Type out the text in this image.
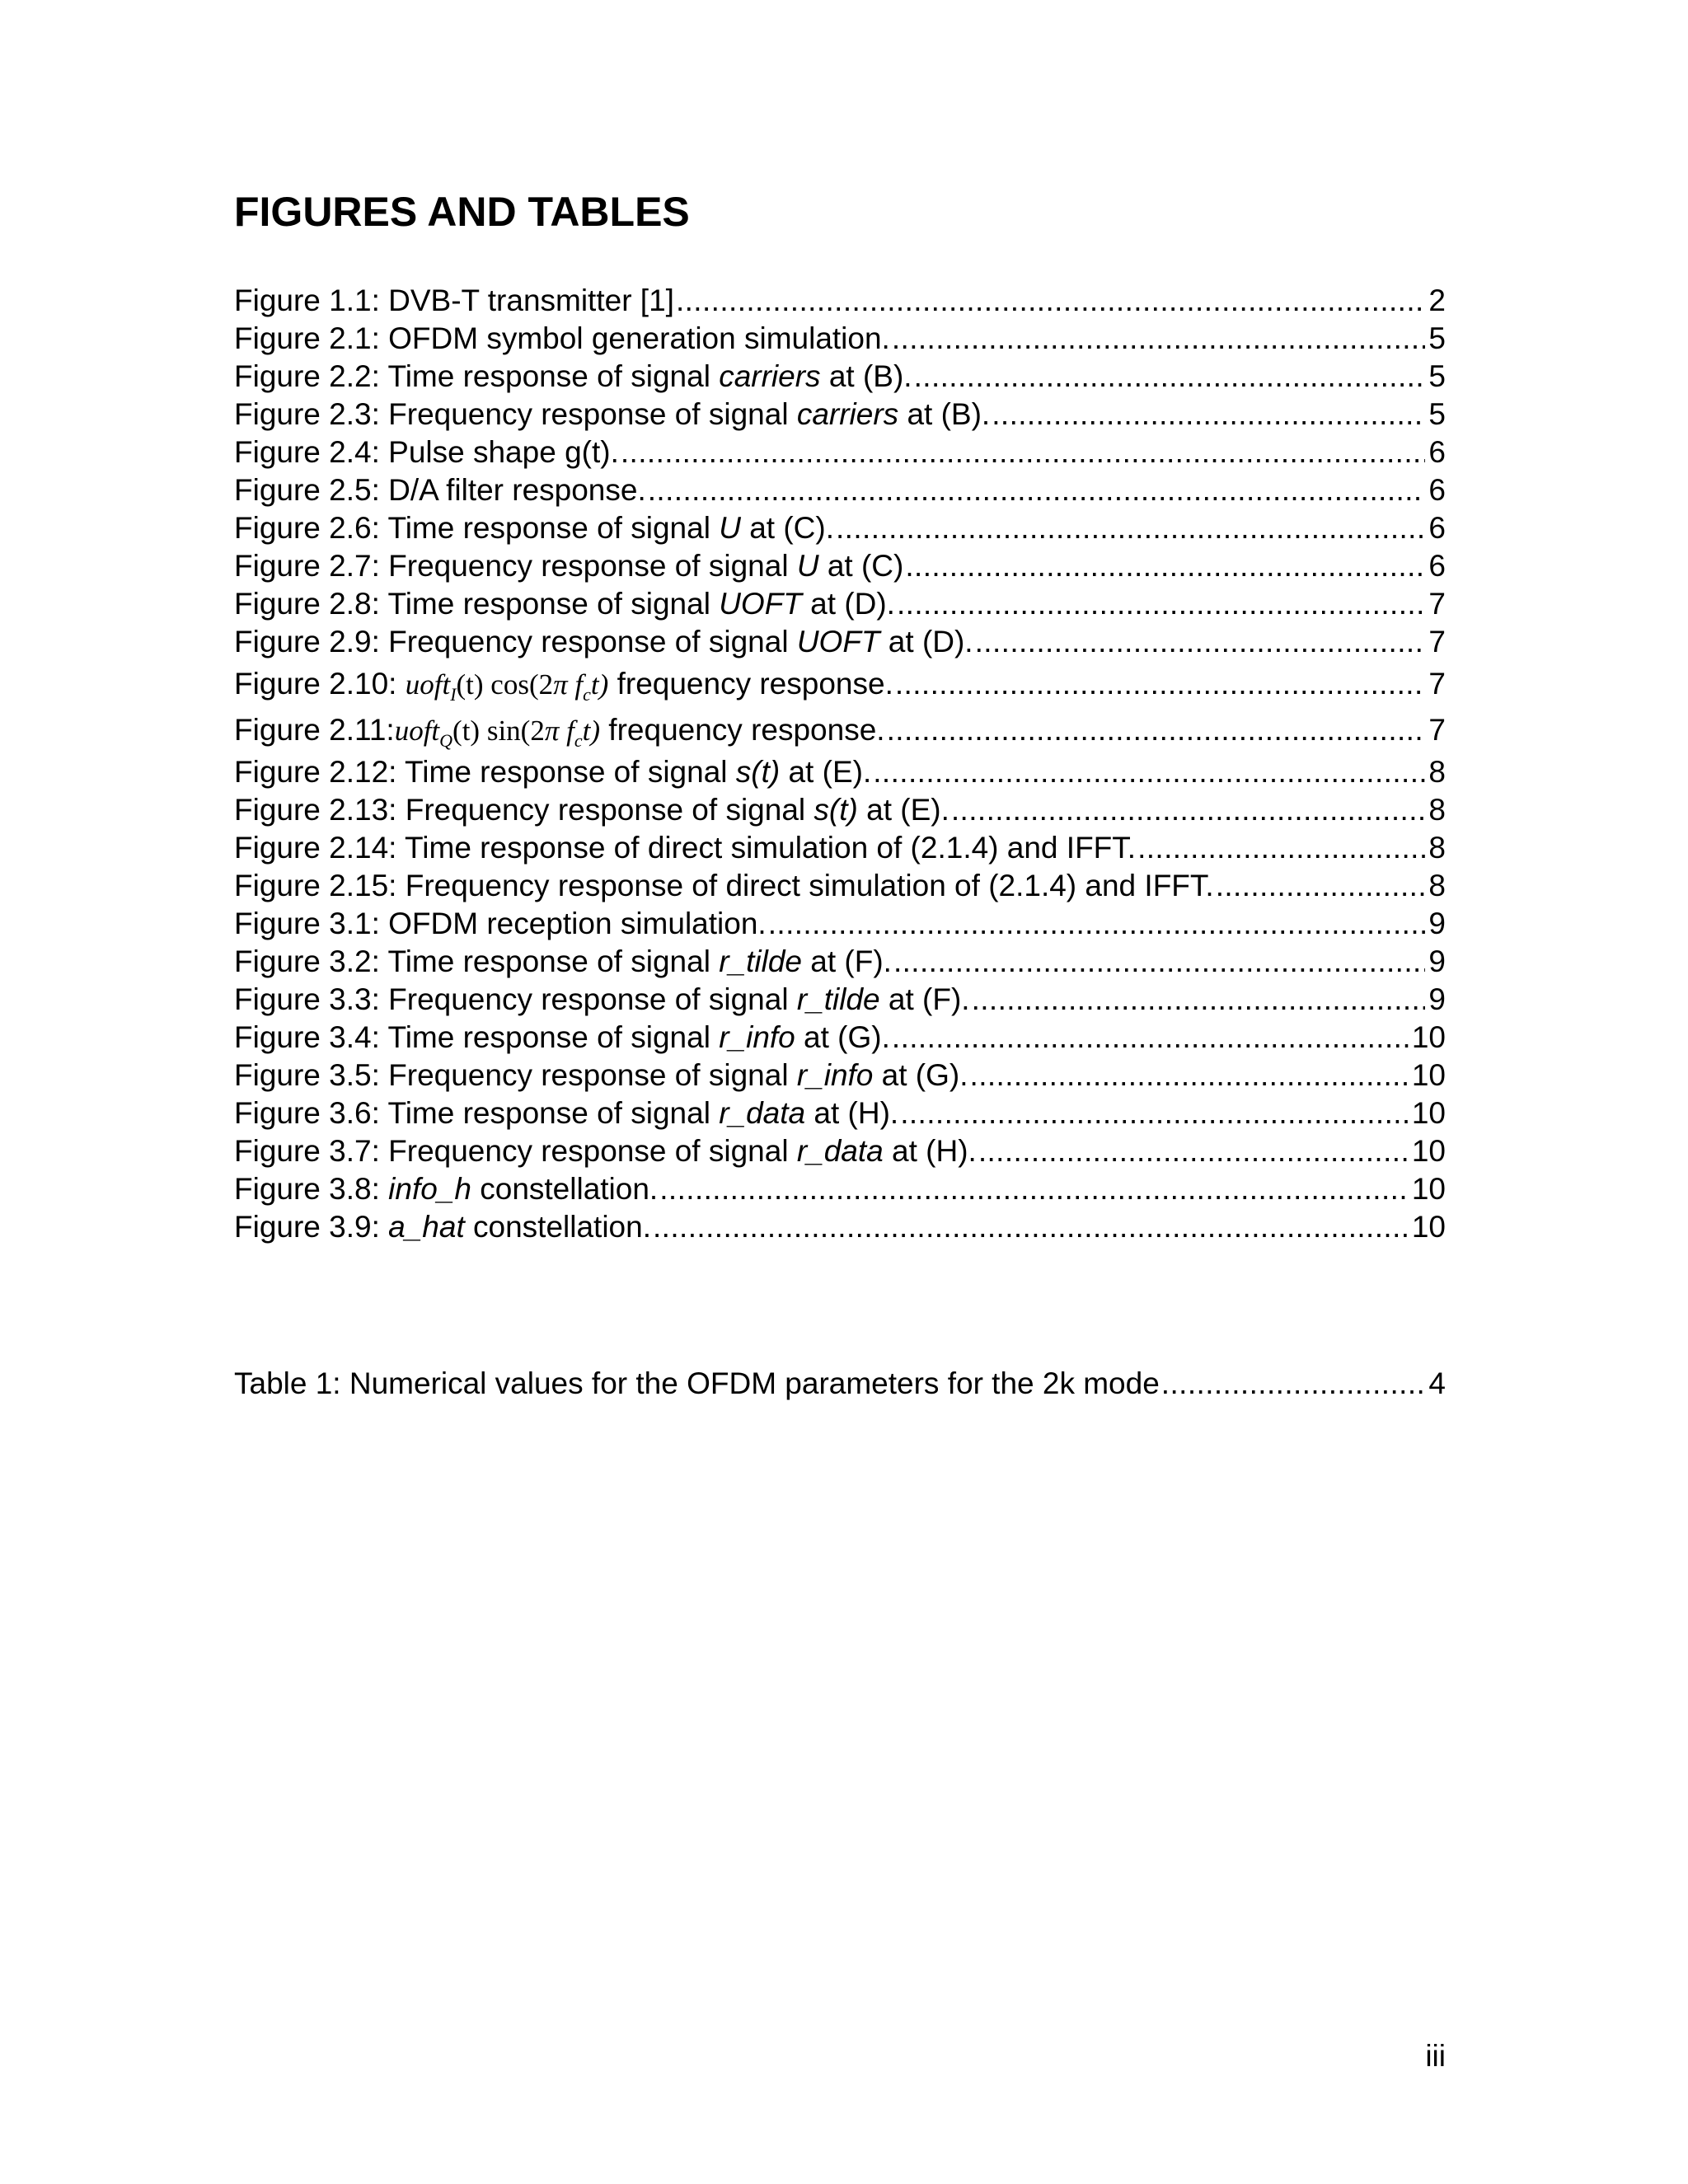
FIGURES AND TABLES
Figure 1.1: DVB-T transmitter [1] .....	2
Figure 2.1: OFDM symbol generation simulation. .....	5
Figure 2.2: Time response of signal carriers at (B). .....	5
Figure 2.3: Frequency response of signal carriers at (B). .....	5
Figure 2.4: Pulse shape g(t). .....	6
Figure 2.5: D/A filter response. .....	6
Figure 2.6: Time response of signal U at (C). .....	6
Figure 2.7: Frequency response of signal U at (C) .....	6
Figure 2.8: Time response of signal UOFT at (D). .....	7
Figure 2.9: Frequency response of signal UOFT at (D). .....	7
Figure 2.10: uoft$_I$(t) cos(2π $f_ct$) frequency response. .....	7
Figure 2.11:uoft$_Q$(t) sin(2π $f_ct$) frequency response. .....	7
Figure 2.12: Time response of signal s(t) at (E). .....	8
Figure 2.13: Frequency response of signal s(t) at (E). .....	8
Figure 2.14: Time response of direct simulation of (2.1.4) and IFFT. .....	8
Figure 2.15: Frequency response of direct simulation of (2.1.4) and IFFT. .....	8
Figure 3.1: OFDM reception simulation. .....	9
Figure 3.2: Time response of signal r_tilde at (F). .....	9
Figure 3.3: Frequency response of signal r_tilde at (F). .....	9
Figure 3.4: Time response of signal r_info at (G). .....	10
Figure 3.5: Frequency response of signal r_info at (G). .....	10
Figure 3.6: Time response of signal r_data at (H). .....	10
Figure 3.7: Frequency response of signal r_data at (H). .....	10
Figure 3.8: info_h constellation. .....	10
Figure 3.9: a_hat constellation. .....	10
Table 1: Numerical values for the OFDM parameters for the 2k mode .....	4
iii
